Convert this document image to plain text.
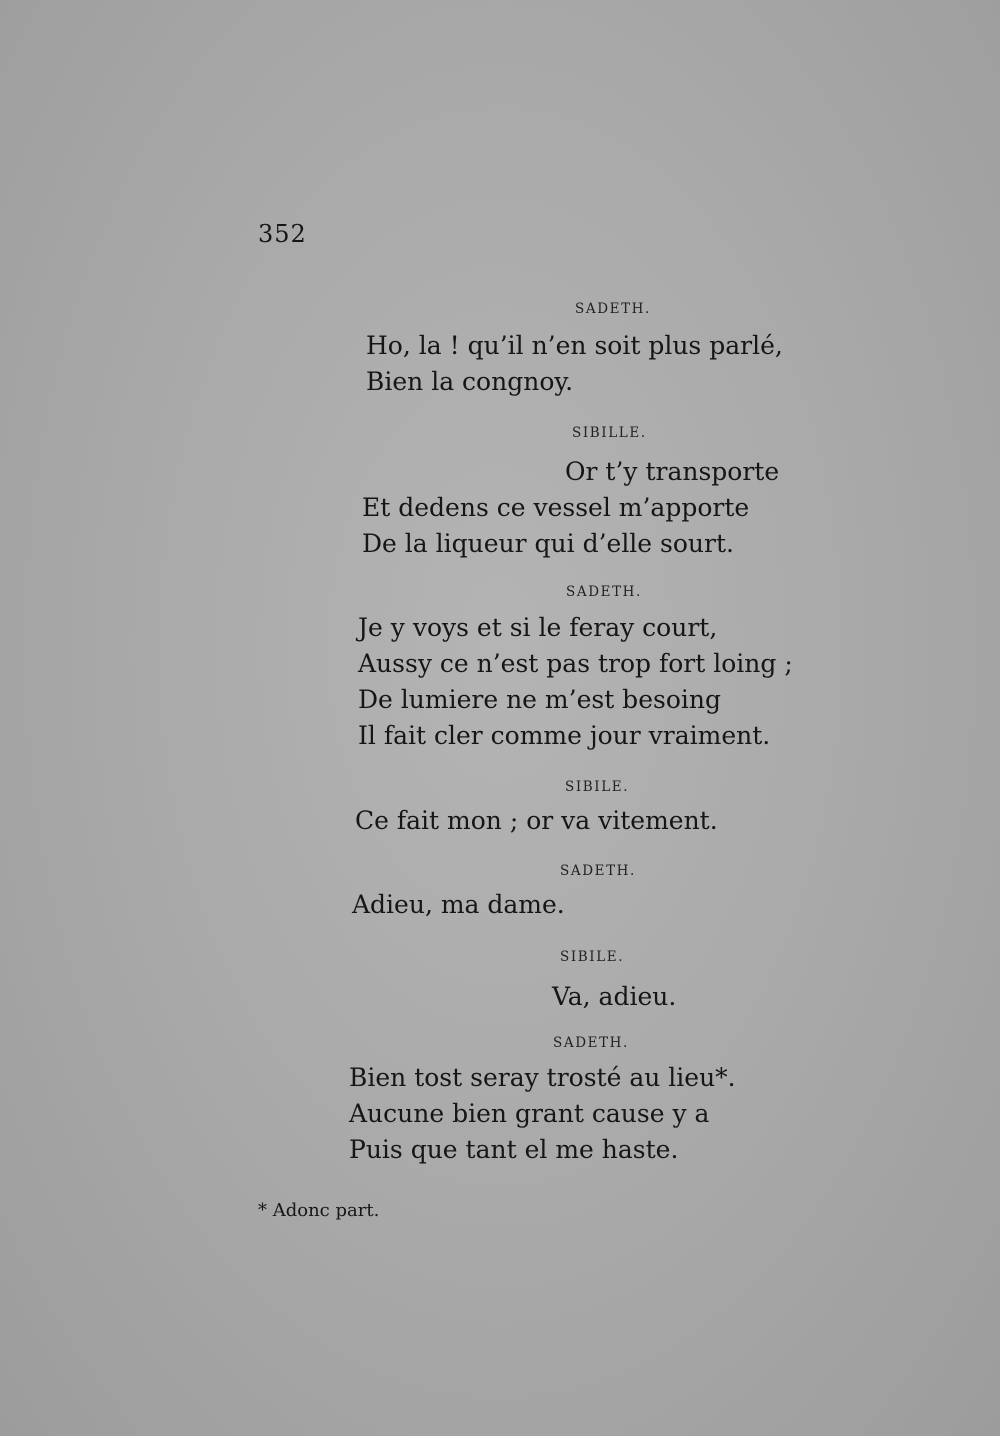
352
SADETH.
Ho, la ! qu’il n’en soit plus parlé,
Bien la congnoy.
SIBILLE.
Or t’y transporte
Et dedens ce vessel m’apporte
De la liqueur qui d’elle sourt.
SADETH.
Je y voys et si le feray court,
Aussy ce n’est pas trop fort loing ;
De lumiere ne m’est besoing
Il fait cler comme jour vraiment.
SIBILE.
Ce fait mon ; or va vitement.
SADETH.
Adieu, ma dame.
SIBILE.
Va, adieu.
SADETH.
Bien tost seray trosté au lieu*.
Aucune bien grant cause y a
Puis que tant el me haste.
* Adonc part.
